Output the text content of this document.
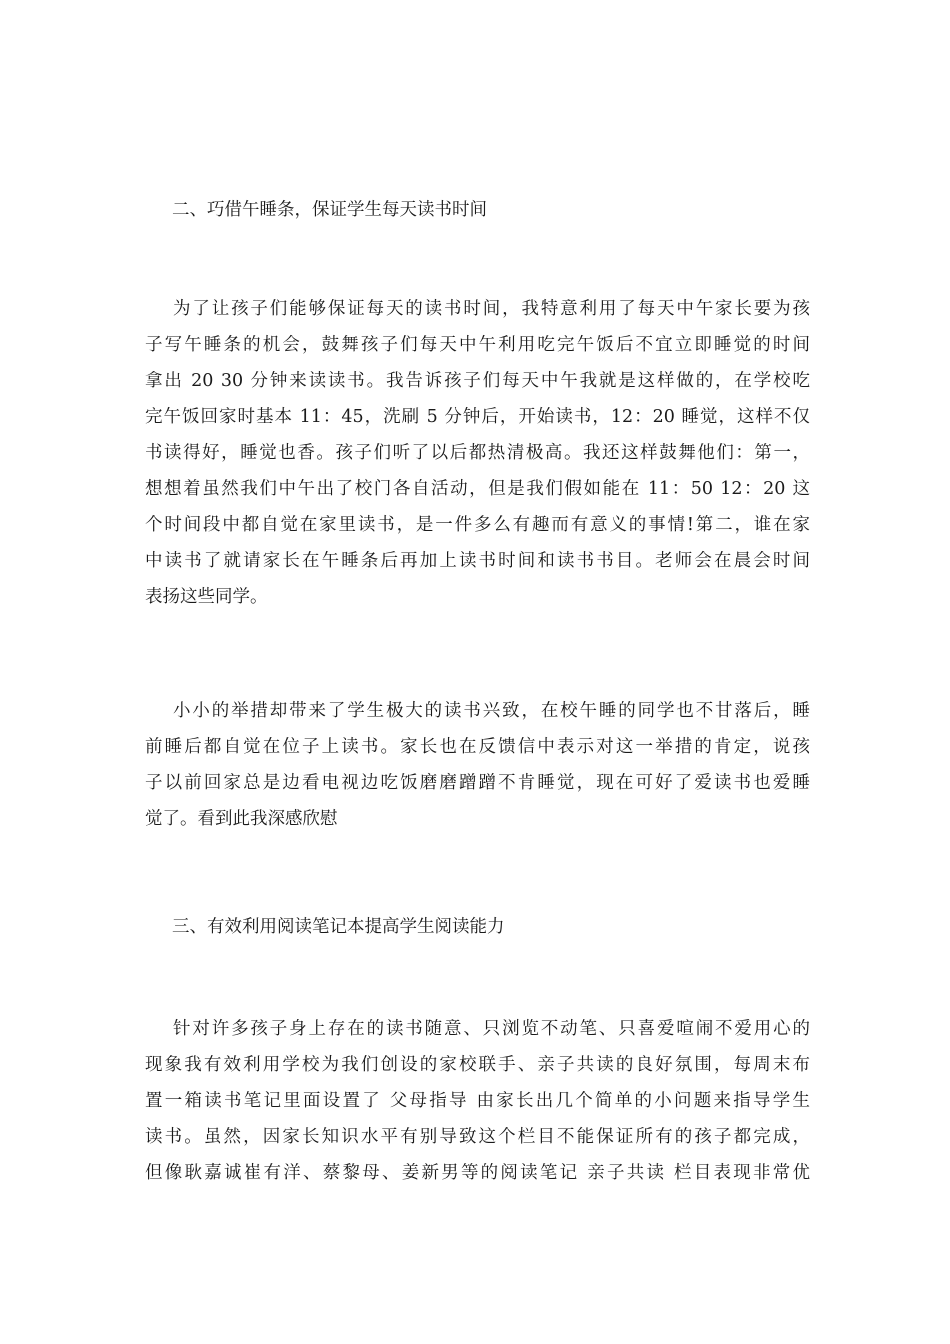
二、巧借午睡条，保证学生每天读书时间
为了让孩子们能够保证每天的读书时间，我特意利用了每天中午家长要为孩
子写午睡条的机会，鼓舞孩子们每天中午利用吃完午饭后不宜立即睡觉的时间
拿出 20 30 分钟来读读书。我告诉孩子们每天中午我就是这样做的，在学校吃
完午饭回家时基本 11：45，洗刷 5 分钟后，开始读书，12：20 睡觉，这样不仅
书读得好，睡觉也香。孩子们听了以后都热清极高。我还这样鼓舞他们：第一，
想想着虽然我们中午出了校门各自活动，但是我们假如能在 11：50 12：20 这
个时间段中都自觉在家里读书，是一件多么有趣而有意义的事情!第二，谁在家
中读书了就请家长在午睡条后再加上读书时间和读书书目。老师会在晨会时间
表扬这些同学。
小小的举措却带来了学生极大的读书兴致，在校午睡的同学也不甘落后，睡
前睡后都自觉在位子上读书。家长也在反馈信中表示对这一举措的肯定，说孩
子以前回家总是边看电视边吃饭磨磨蹭蹭不肯睡觉，现在可好了爱读书也爱睡
觉了。看到此我深感欣慰
三、有效利用阅读笔记本提高学生阅读能力
针对许多孩子身上存在的读书随意、只浏览不动笔、只喜爱喧闹不爱用心的
现象我有效利用学校为我们创设的家校联手、亲子共读的良好氛围，每周末布
置一箱读书笔记里面设置了 父母指导 由家长出几个简单的小问题来指导学生
读书。虽然，因家长知识水平有别导致这个栏目不能保证所有的孩子都完成，
但像耿嘉诚崔有洋、蔡黎母、姜新男等的阅读笔记 亲子共读 栏目表现非常优
